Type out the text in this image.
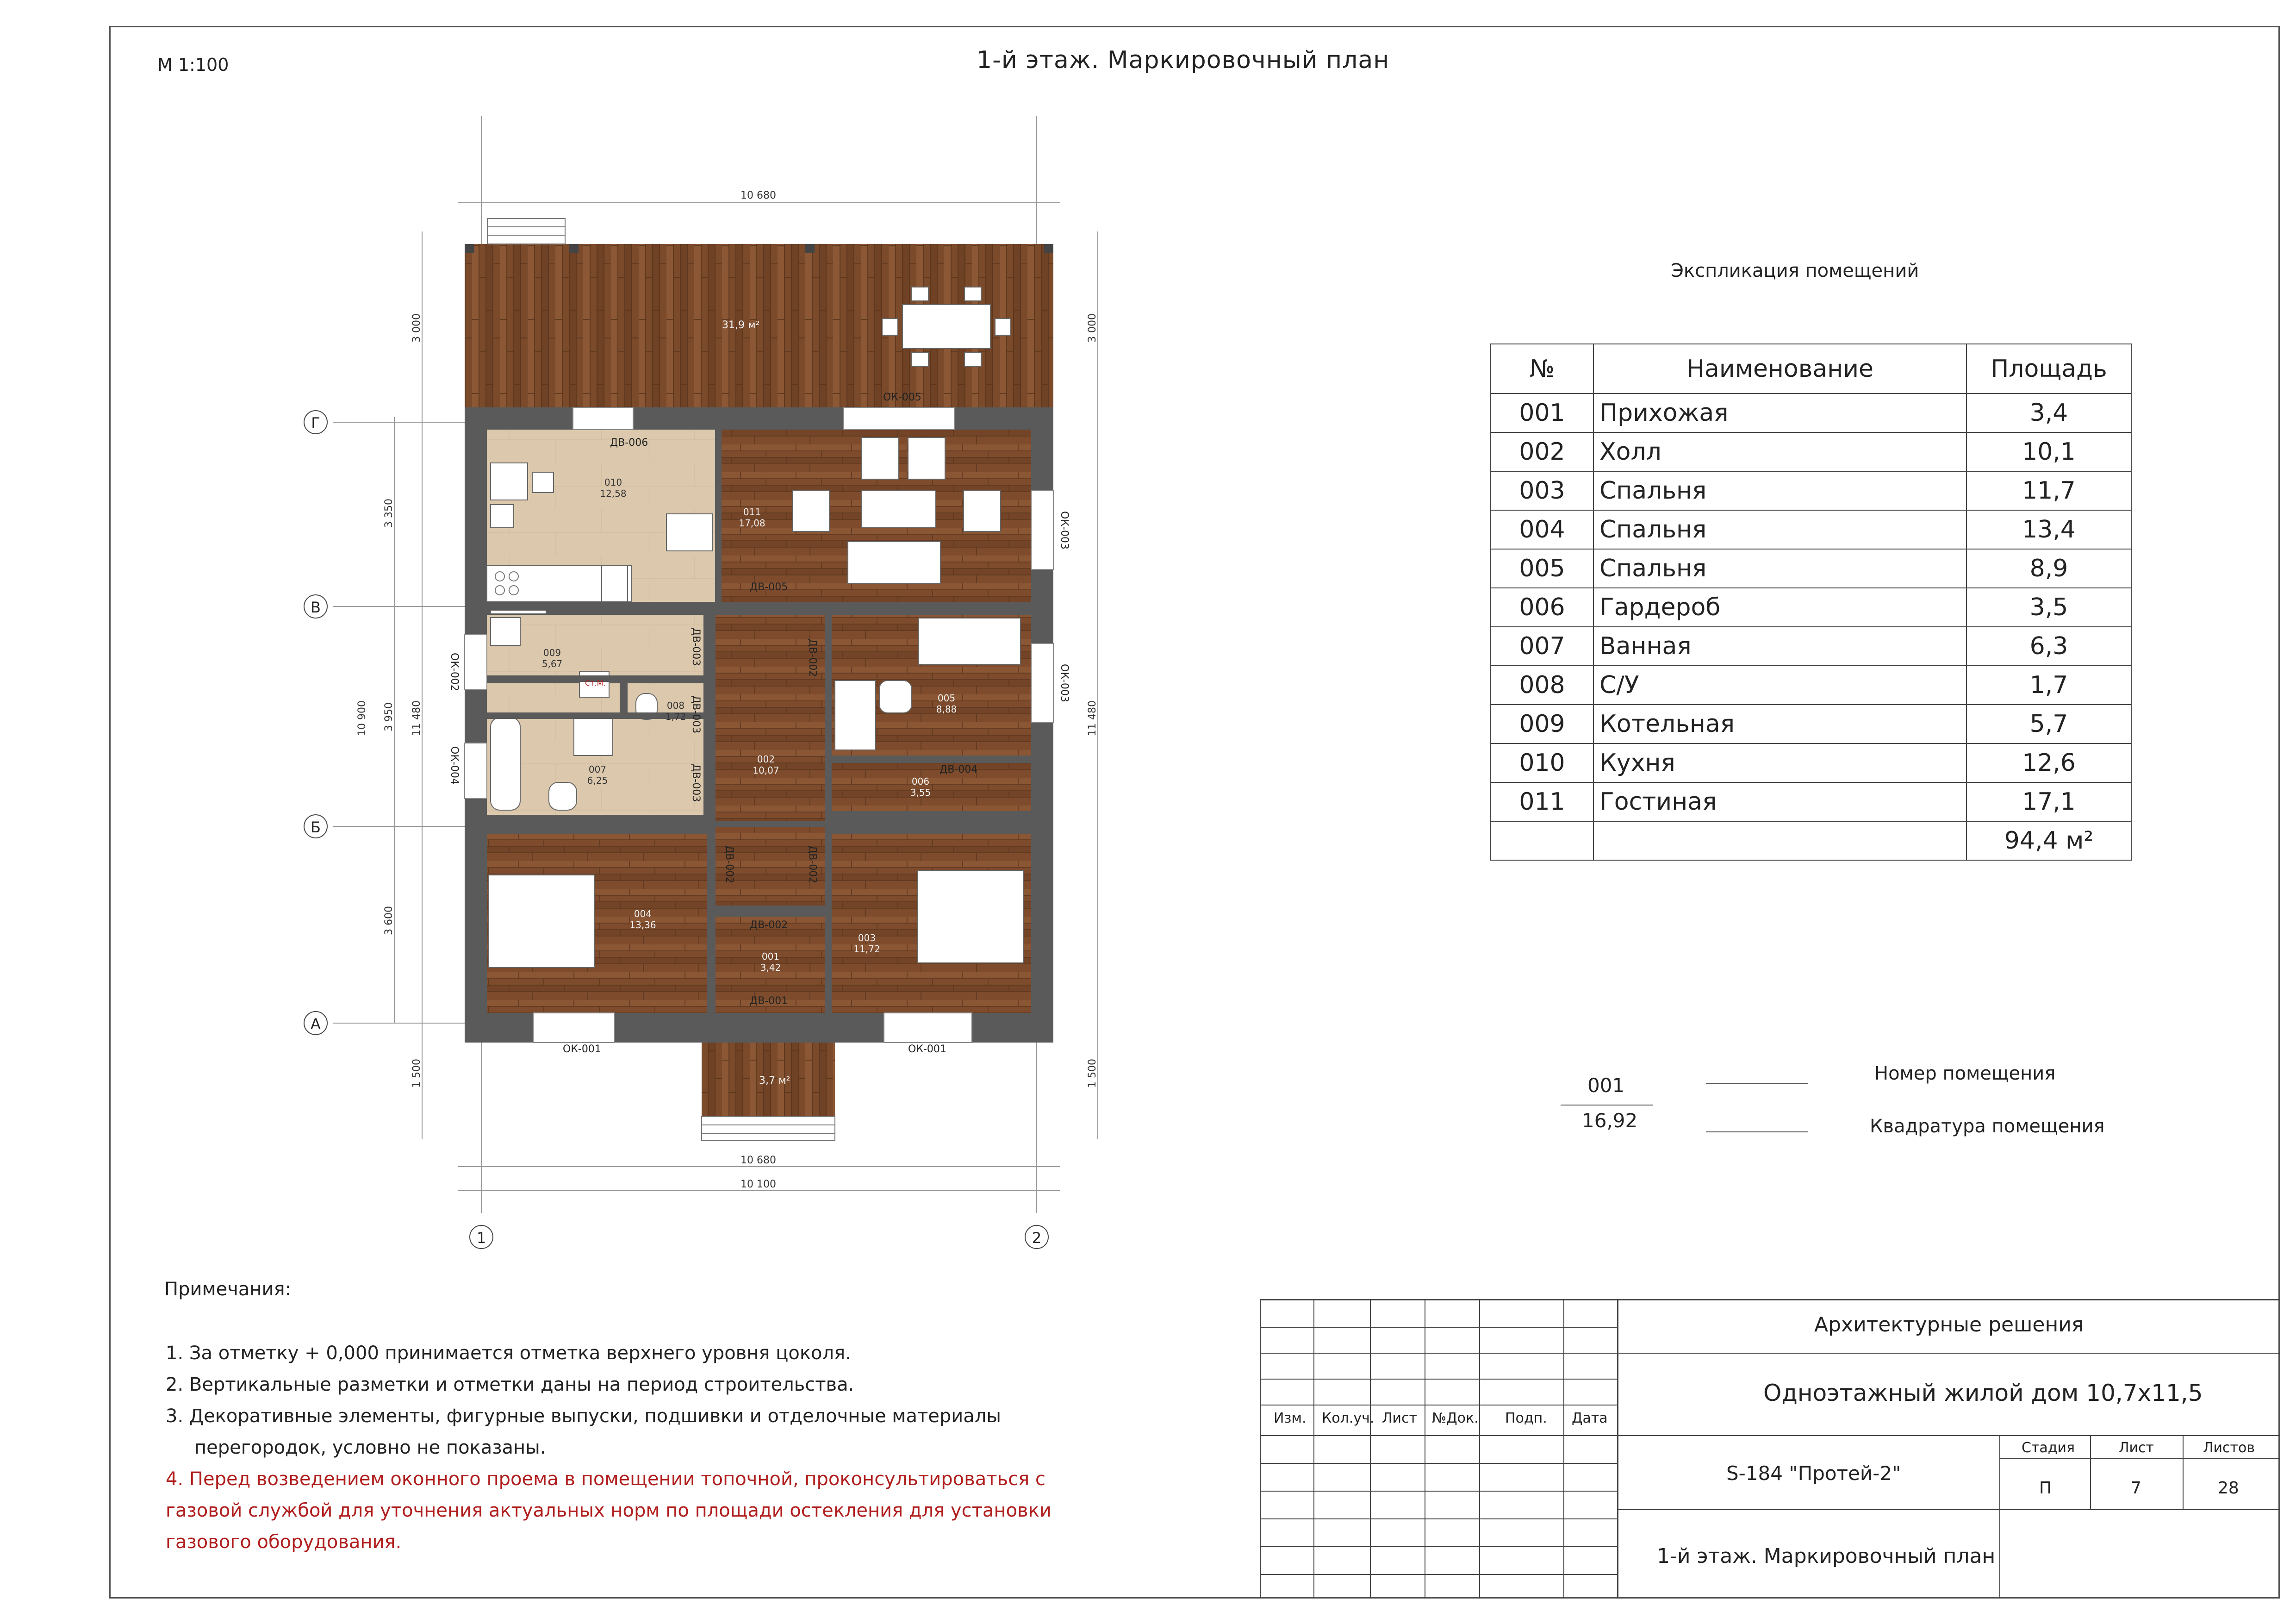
М 1:100	1-й этаж. Маркировочный план
10 680
10 680
10 100
3 000	3 000
3 350
3 950
3 600
10 900	11 480	11 480
1 500	1 500
Г
В
Б
А
1	2
31,9 м²
3,7 м²
010
12,58
011
17,08
009
5,67
008
1,72
007
6,25
002
10,07
005
8,88
006
3,55
004
13,36
003
11,72
001
3,42
ОК-005
ОК-003
ОК-003
ОК-002
ОК-004
ОК-001	ОК-001
ДВ-006
ДВ-005
ДВ-003
ДВ-003
ДВ-003
ДВ-002
ДВ-002	ДВ-002
ДВ-002
ДВ-004
ДВ-001
Ст.М.
Экспликация помещений
№	Наименование	Площадь
001	Прихожая	3,4
002	Холл	10,1
003	Спальня	11,7
004	Спальня	13,4
005	Спальня	8,9
006	Гардероб	3,5
007	Ванная	6,3
008	С/У	1,7
009	Котельная	5,7
010	Кухня	12,6
011	Гостиная	17,1
		94,4 м²
001
16,92
Номер помещения
Квадратура помещения
Примечания:
1. За отметку + 0,000 принимается отметка верхнего уровня цоколя.
2. Вертикальные разметки и отметки даны на период строительства.
3. Декоративные элементы, фигурные выпуски, подшивки и отделочные материалы
перегородок, условно не показаны.
4. Перед возведением оконного проема в помещении топочной, проконсультироваться с
газовой службой для уточнения актуальных норм по площади остекления для установки
газового оборудования.
Изм. Кол.уч. Лист №Док. Подп. Дата
Архитектурные решения
Одноэтажный жилой дом 10,7х11,5
S-184 "Протей-2"
Стадия	Лист	Листов
П	7	28
1-й этаж. Маркировочный план
